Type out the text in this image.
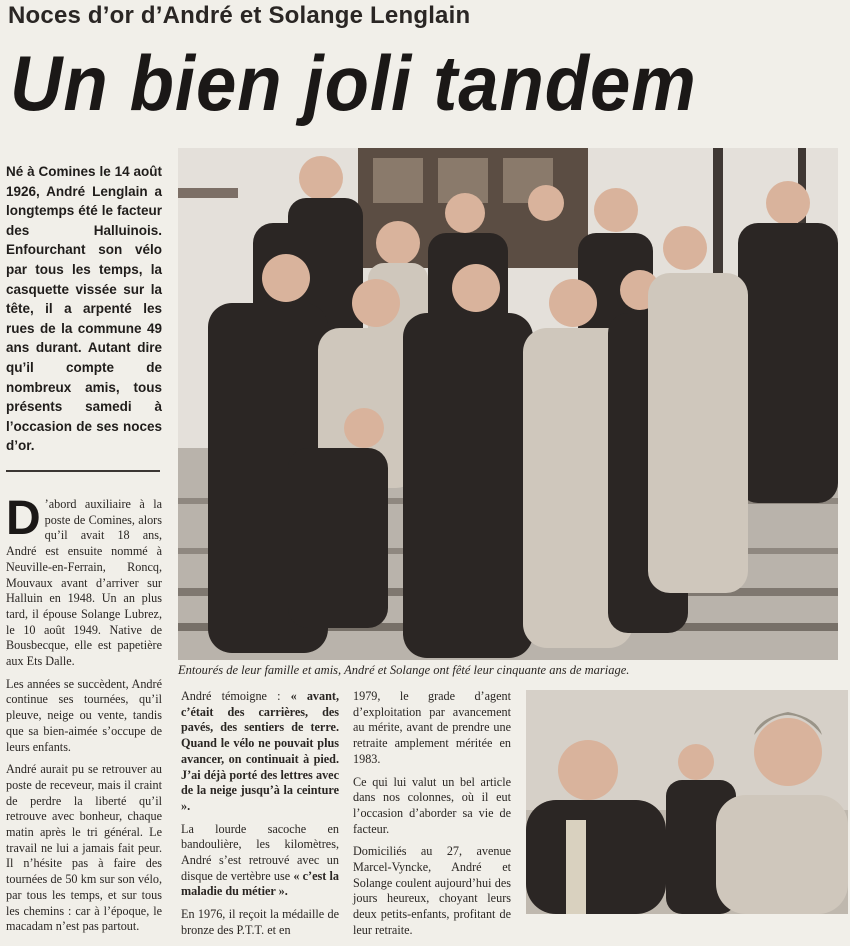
Noces d’or d’André et Solange Lenglain
Un bien joli tandem
Né à Comines le 14 août 1926, André Lenglain a longtemps été le facteur des Halluinois. Enfourchant son vélo par tous les temps, la casquette vissée sur la tête, il a arpenté les rues de la commune 49 ans durant. Autant dire qu’il compte de nombreux amis, tous présents samedi à l’occasion de ses noces d’or.
Entourés de leur famille et amis, André et Solange ont fêté leur cinquante ans de mariage.

D ’abord auxiliaire à la poste de Comines, alors qu’il avait 18 ans, André est ensuite nommé à Neuville-en-Ferrain, Roncq, Mouvaux avant d’arriver sur Halluin en 1948. Un an plus tard, il épouse Solange Lubrez, le 10 août 1949. Native de Bousbecque, elle est papetière aux Ets Dalle.

Les années se succèdent, André continue ses tournées, qu’il pleuve, neige ou vente, tandis que sa bien-aimée s’occupe de leurs enfants.

André aurait pu se retrouver au poste de receveur, mais il craint de perdre la liberté qu’il retrouve avec bonheur, chaque matin après le tri général. Le travail ne lui a jamais fait peur. Il n’hésite pas à faire des tournées de 50 km sur son vélo, par tous les temps, et sur tous les chemins : car à l’époque, le macadam n’est pas partout.

André témoigne : « avant, c’était des carrières, des pavés, des sentiers de terre. Quand le vélo ne pouvait plus avancer, on continuait à pied. J’ai déjà porté des lettres avec de la neige jusqu’à la ceinture ».

La lourde sacoche en bandoulière, les kilomètres, André s’est retrouvé avec un disque de vertèbre use « c’est la maladie du métier ».

En 1976, il reçoit la médaille de bronze des P.T.T. et en

1979, le grade d’agent d’exploitation par avancement au mérite, avant de prendre une retraite amplement méritée en 1983.

Ce qui lui valut un bel article dans nos colonnes, où il eut l’occasion d’aborder sa vie de facteur.

Domiciliés au 27, avenue Marcel-Vyncke, André et Solange coulent aujourd’hui des jours heureux, choyant leurs deux petits-enfants, profitant de leur retraite.
